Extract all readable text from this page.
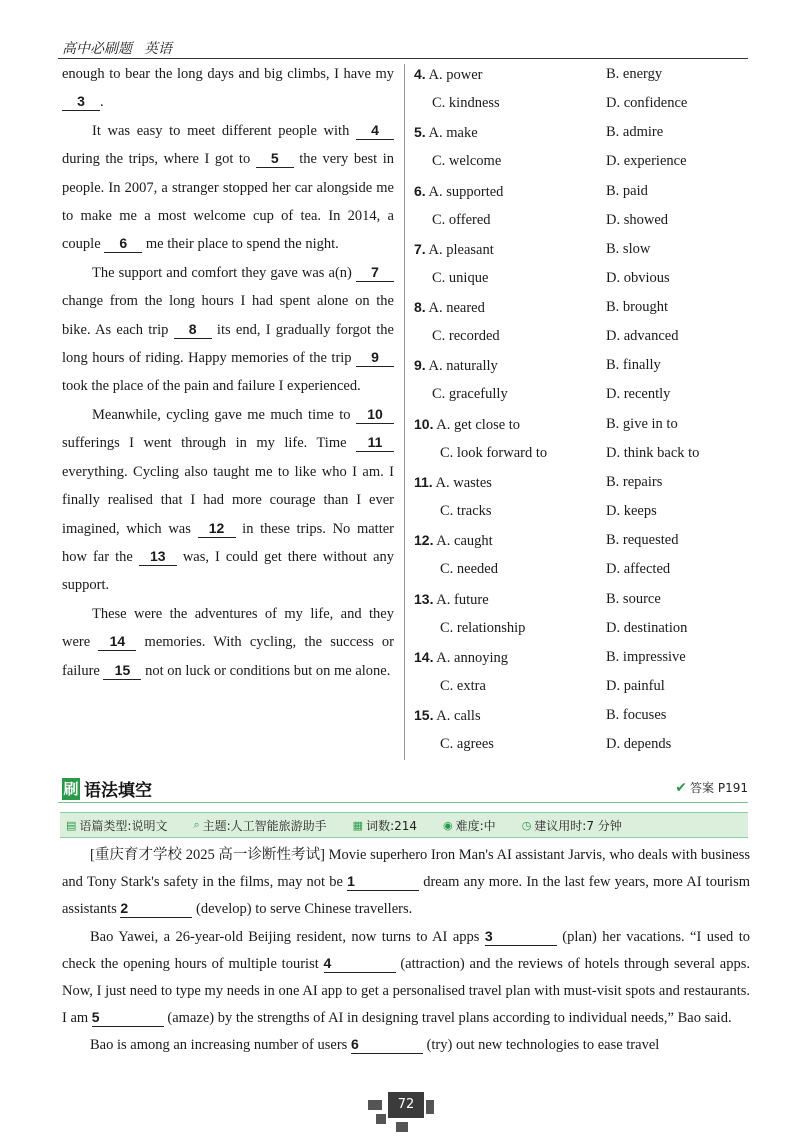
高中必刷题 英语

enough to bear the long days and big climbs, I have my 3 .

It was easy to meet different people with 4 during the trips, where I got to 5 the very best in people. In 2007, a stranger stopped her car alongside me to make me a most welcome cup of tea. In 2014, a couple 6 me their place to spend the night.

The support and comfort they gave was a(n) 7 change from the long hours I had spent alone on the bike. As each trip 8 its end, I gradually forgot the long hours of riding. Happy memories of the trip 9 took the place of the pain and failure I experienced.

Meanwhile, cycling gave me much time to 10 sufferings I went through in my life. Time 11 everything. Cycling also taught me to like who I am. I finally realised that I had more courage than I ever imagined, which was 12 in these trips. No matter how far the 13 was, I could get there without any support.

These were the adventures of my life, and they were 14 memories. With cycling, the success or failure 15 not on luck or conditions but on me alone.

4. A. power	B. energy
C. kindness	D. confidence
5. A. make	B. admire
C. welcome	D. experience
6. A. supported	B. paid
C. offered	D. showed
7. A. pleasant	B. slow
C. unique	D. obvious
8. A. neared	B. brought
C. recorded	D. advanced
9. A. naturally	B. finally
C. gracefully	D. recently
10. A. get close to	B. give in to
C. look forward to	D. think back to
11. A. wastes	B. repairs
C. tracks	D. keeps
12. A. caught	B. requested
C. needed	D. affected
13. A. future	B. source
C. relationship	D. destination
14. A. annoying	B. impressive
C. extra	D. painful
15. A. calls	B. focuses
C. agrees	D. depends
刷 语法填空	✔ 答案 P191
▤ 语篇类型:说明文 ⌕ 主题:人工智能旅游助手 ▦ 词数:214 ◉ 难度:中 ◷ 建议用时:7 分钟

[重庆育才学校 2025 高一诊断性考试] Movie superhero Iron Man's AI assistant Jarvis, who deals with business and Tony Stark's safety in the films, may not be 1	dream any more. In the last few years, more AI tourism assistants 2	(develop) to serve Chinese travellers.

Bao Yawei, a 26-year-old Beijing resident, now turns to AI apps 3	(plan) her vacations. “I used to check the opening hours of multiple tourist 4	(attraction) and the reviews of hotels through several apps. Now, I just need to type my needs in one AI app to get a personalised travel plan with must-visit spots and restaurants. I am 5	(amaze) by the strengths of AI in designing travel plans according to individual needs,” Bao said.

Bao is among an increasing number of users 6	(try) out new technologies to ease travel

72
